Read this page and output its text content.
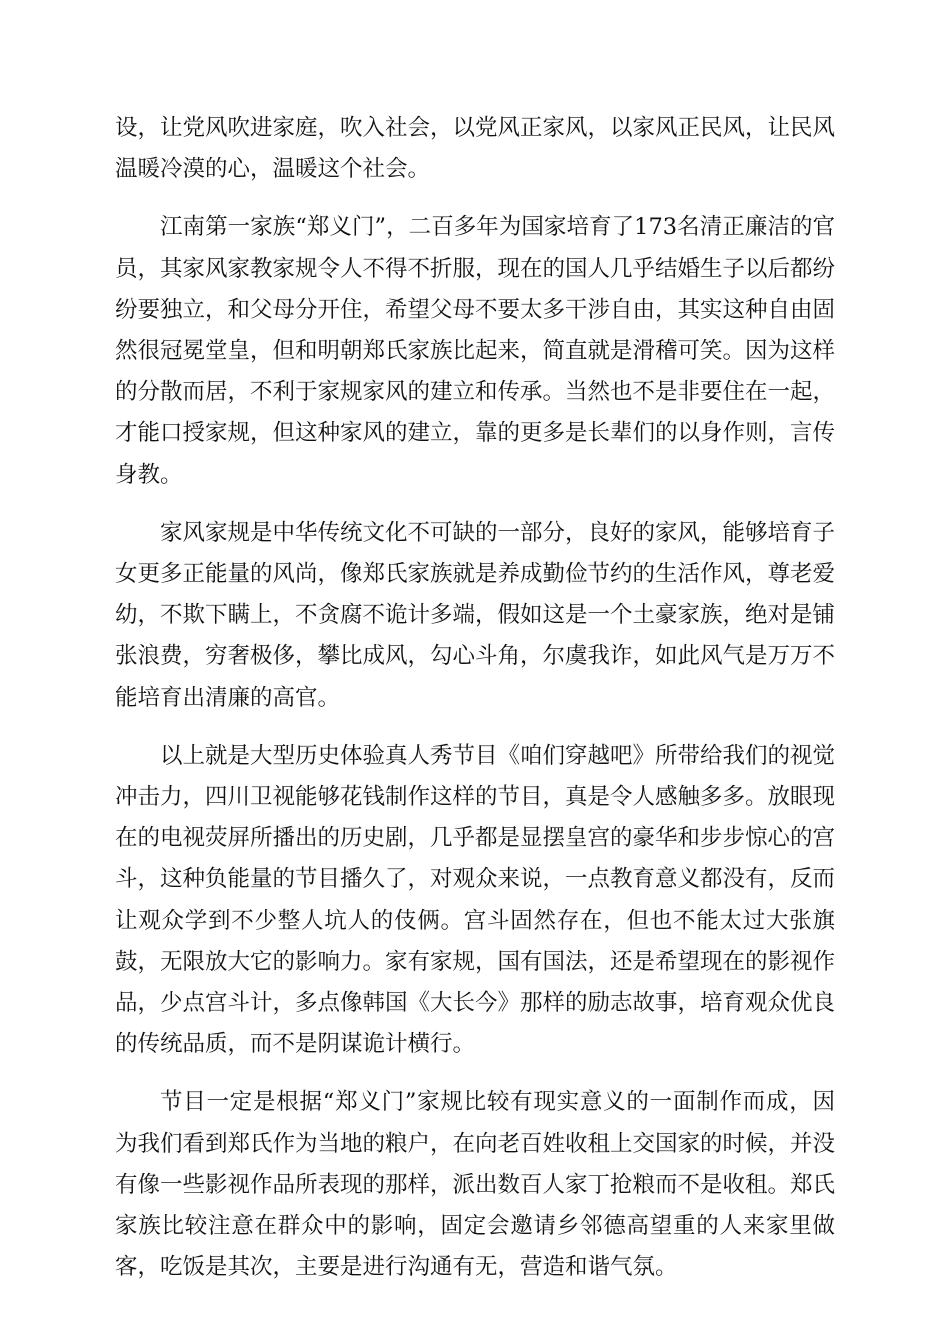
设，让党风吹进家庭，吹入社会，以党风正家风，以家风正民风，让民风温暖冷漠的心，温暖这个社会。

江南第一家族“郑义门”，二百多年为国家培育了173名清正廉洁的官员，其家风家教家规令人不得不折服，现在的国人几乎结婚生子以后都纷纷要独立，和父母分开住，希望父母不要太多干涉自由，其实这种自由固然很冠冕堂皇，但和明朝郑氏家族比起来，简直就是滑稽可笑。因为这样的分散而居，不利于家规家风的建立和传承。当然也不是非要住在一起，才能口授家规，但这种家风的建立，靠的更多是长辈们的以身作则，言传身教。

家风家规是中华传统文化不可缺的一部分，良好的家风，能够培育子女更多正能量的风尚，像郑氏家族就是养成勤俭节约的生活作风，尊老爱幼，不欺下瞒上，不贪腐不诡计多端，假如这是一个土豪家族，绝对是铺张浪费，穷奢极侈，攀比成风，勾心斗角，尔虞我诈，如此风气是万万不能培育出清廉的高官。

以上就是大型历史体验真人秀节目《咱们穿越吧》所带给我们的视觉冲击力，四川卫视能够花钱制作这样的节目，真是令人感触多多。放眼现在的电视荧屏所播出的历史剧，几乎都是显摆皇宫的豪华和步步惊心的宫斗，这种负能量的节目播久了，对观众来说，一点教育意义都没有，反而让观众学到不少整人坑人的伎俩。宫斗固然存在，但也不能太过大张旗鼓，无限放大它的影响力。家有家规，国有国法，还是希望现在的影视作品，少点宫斗计，多点像韩国《大长今》那样的励志故事，培育观众优良的传统品质，而不是阴谋诡计横行。

节目一定是根据“郑义门”家规比较有现实意义的一面制作而成，因为我们看到郑氏作为当地的粮户，在向老百姓收租上交国家的时候，并没有像一些影视作品所表现的那样，派出数百人家丁抢粮而不是收租。郑氏家族比较注意在群众中的影响，固定会邀请乡邻德高望重的人来家里做客，吃饭是其次，主要是进行沟通有无，营造和谐气氛。
